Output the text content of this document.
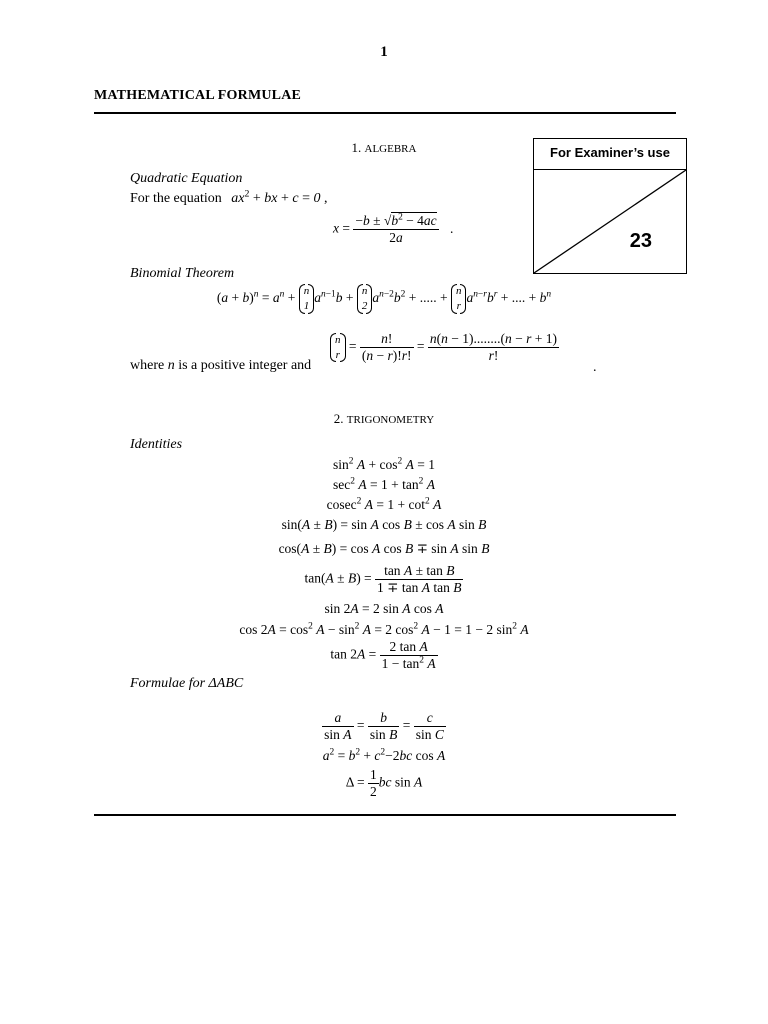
1
MATHEMATICAL FORMULAE
For Examiner’s use
23
1. ALGEBRA
Quadratic Equation
For the equation $ax^2$ + bx + c = 0 ,
$x = \frac{-b \pm √b^2 - 4ac}{2a}$ .
Binomial Theorem
$(a + b)^n = a^n + n$
1
$a^{n-1}b + n$
2
$a^{n-2}b^2$ + ..... + n
r
$a^{n-r}b^r$ + .... + $b^n$
where n is a positive integer and
n
r
= $\frac{n!}{(n - r)!r!} = \frac{n(n - 1)........(n - r + 1)}{r!}$
.
2. TRIGONOMETRY
Identities
$\sin^2 A + \cos^2 A = 1$
$\sec^2 A = 1 + \tan^2 A$
cosec$^2$ $A = 1 + \cot^2 A$
sin(A ± B) = sin A cos B ± cos A sin B
cos(A ± B) = cos A cos B ∓ sin A sin B
$\tan(A \pm B) = \frac{\text{tan A ± tan B}}{\text{1 ∓ tan A tan B}}$
sin 2A = 2 sin A cos A
$\cos 2A = \cos^2 A - \sin^2 A = 2$ $\cos^2 A - 1 = 1 - 2$ $\sin^2 A$
$\tan 2A = \frac{\text{2 tan A}}{1 - \tan^2 A}$
Formulae for ΔABC
$\frac{a}{\text{sin A}} = \frac{b}{\text{sin B}} = \frac{c}{\text{sin C}}$
$a^2 = b^2 + c^2-2bc$ cos A
$\Delta = \frac{1}{2}$ bc sin A
